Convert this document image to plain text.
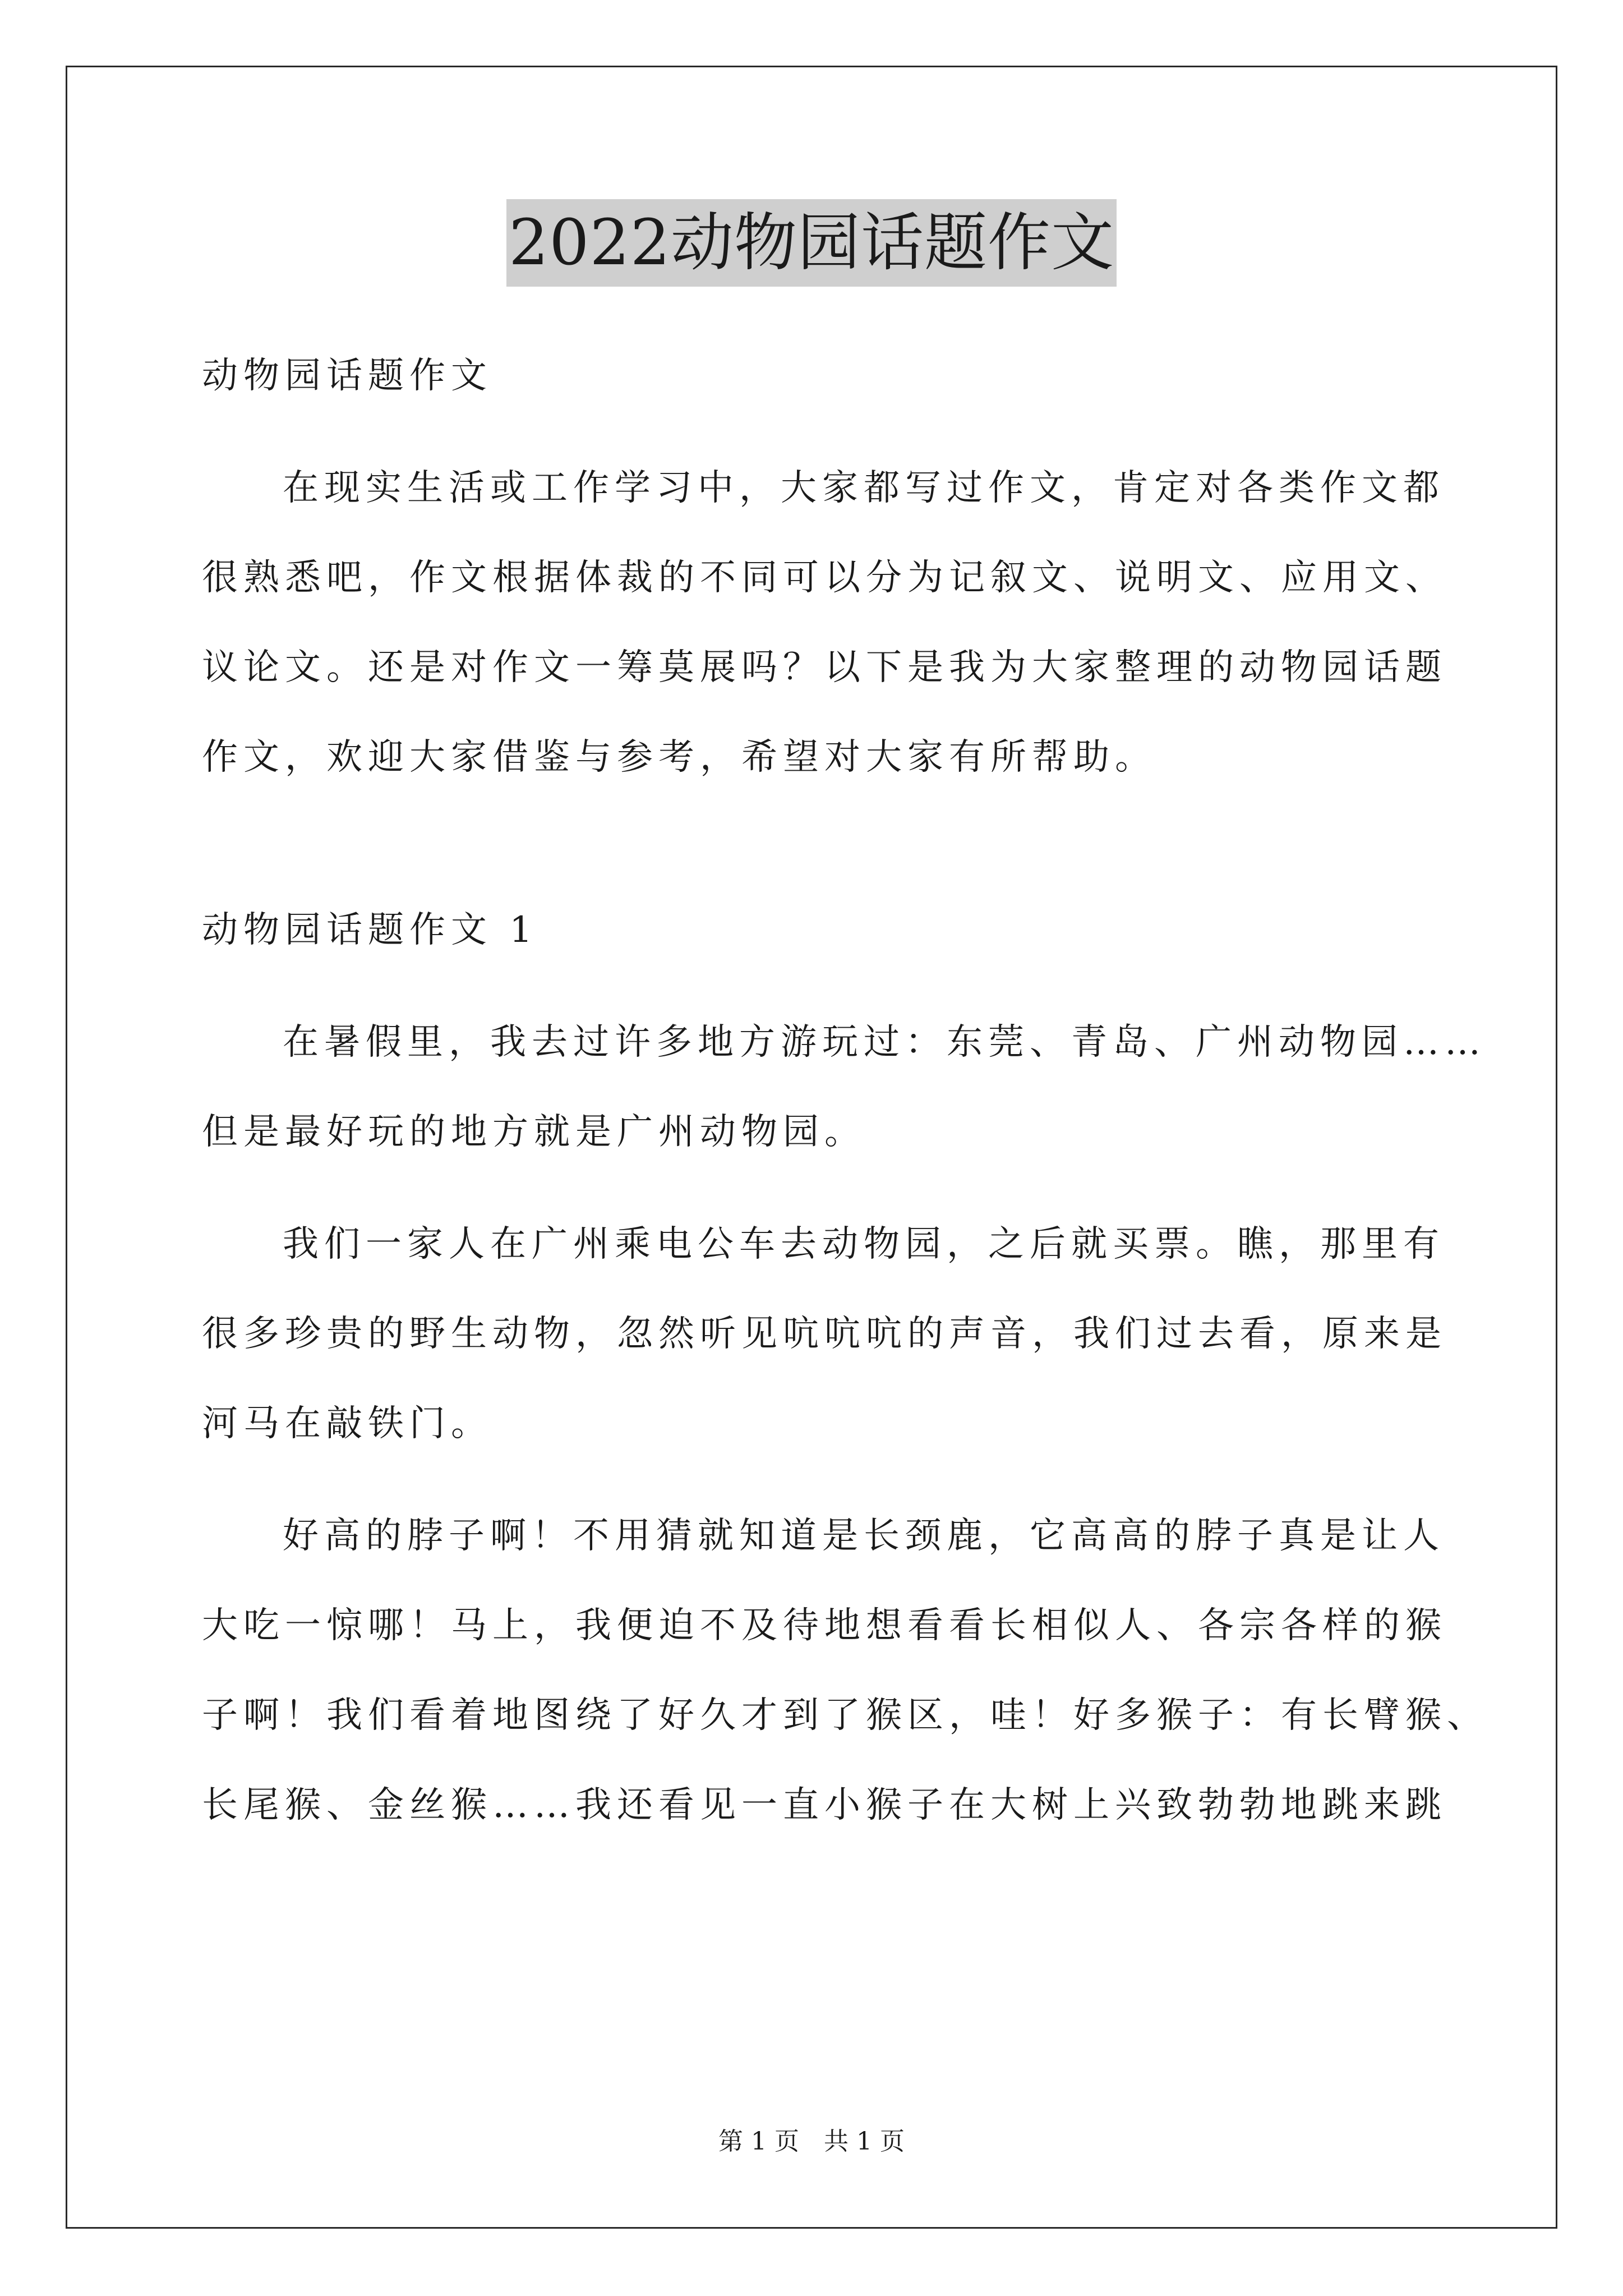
2022动物园话题作文
动物园话题作文
在现实生活或工作学习中，大家都写过作文，肯定对各类作文都
很熟悉吧，作文根据体裁的不同可以分为记叙文、说明文、应用文、
议论文。还是对作文一筹莫展吗？以下是我为大家整理的动物园话题
作文，欢迎大家借鉴与参考，希望对大家有所帮助。
动物园话题作文 1
在暑假里，我去过许多地方游玩过：东莞、青岛、广州动物园……
但是最好玩的地方就是广州动物园。
我们一家人在广州乘电公车去动物园，之后就买票。瞧，那里有
很多珍贵的野生动物，忽然听见吭吭吭的声音，我们过去看，原来是
河马在敲铁门。
好高的脖子啊！不用猜就知道是长颈鹿，它高高的脖子真是让人
大吃一惊哪！马上，我便迫不及待地想看看长相似人、各宗各样的猴
子啊！我们看着地图绕了好久才到了猴区，哇！好多猴子：有长臂猴、
长尾猴、金丝猴……我还看见一直小猴子在大树上兴致勃勃地跳来跳
第 1 页　共 1 页
